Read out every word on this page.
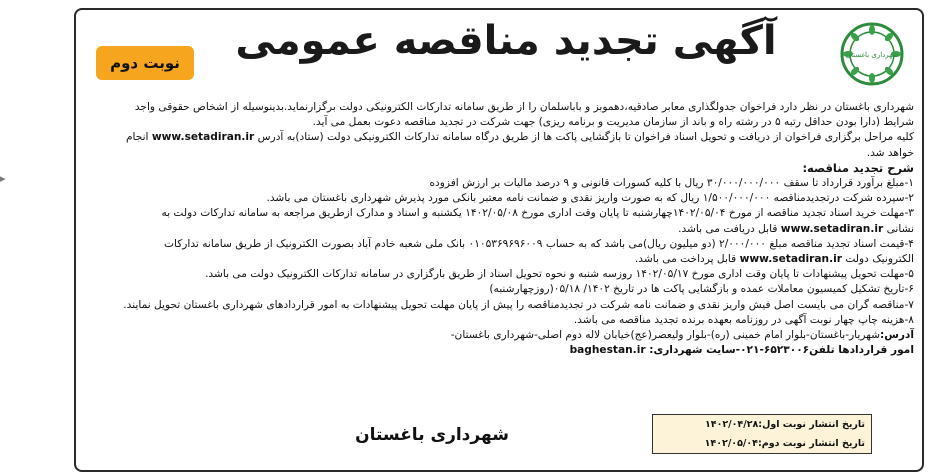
▸
نوبت دوم	آگهی تجدید مناقصه عمومی	شهرداری باغستان

شهرداری باغستان در نظر دارد فراخوان جدولگذاری معابر صادقیه،دهموبز و بابا‌سلمان را از طریق سامانه تدارکات الکترونیکی دولت برگزارنماید.بدینوسیله از اشخاص حقوقی واجد

شرایط (دارا بودن حداقل رتبه ۵ در رشته راه و باند از سازمان مدیریت و برنامه ریزی) جهت شرکت در تجدید مناقصه دعوت بعمل می آید.

کلیه مراحل برگزاری فراخوان از دریافت و تحویل اسناد فراخوان تا بازگشایی پاکت ها از طریق درگاه سامانه تدارکات الکترونیکی دولت (ستاد)به آدرس www.setadiran.ir انجام

خواهد شد.

شرح تجدید مناقصه:

۱-مبلغ برآورد قرارداد تا سقف ۳۰/۰۰۰/۰۰۰/۰۰۰ ریال با کلیه کسورات قانونی و ۹ درصد مالیات بر ارزش افزوده

۲-سپرده شرکت درتجدیدمناقصه ۱/۵۰۰/۰۰۰/۰۰۰ ریال که به صورت واریز نقدی و ضمانت نامه معتبر بانکی مورد پذیرش شهرداری باغستان می باشد.

۳-مهلت خرید اسناد تجدید مناقصه از مورخ ۱۴۰۲/۰۵/۰۴چهارشنبه تا پایان وقت اداری مورخ ۱۴۰۲/۰۵/۰۸ یکشنبه و اسناد و مدارک ازطریق مراجعه به سامانه تدارکات دولت به

نشانی www.setadiran.ir قابل دریافت می باشد.

۴-قیمت اسناد تجدید مناقصه مبلغ ۲/۰۰۰/۰۰۰ (دو میلیون ریال)می باشد که به حساب ۰۱۰۵۳۶۹۶۹۶۰۰۹ بانک ملی شعبه خادم آباد بصورت الکترونیک از طریق سامانه تدارکات

الکترونیک دولت www.setadiran.ir قابل پرداخت می باشد.

۵-مهلت تحویل پیشنهادات تا پایان وقت اداری مورخ ۱۴۰۲/۰۵/۱۷ روزسه شنبه و نحوه تحویل اسناد از طریق بارگزاری در سامانه تدارکات الکترونیک دولت می باشد.

۶-تاریخ تشکیل کمیسیون معاملات عمده و بازگشایی پاکت ها در تاریخ ۱۴۰۲/ ۰۵/۱۸(روزچهارشنبه)

۷-مناقصه گران می بایست اصل فیش واریز نقدی و ضمانت نامه شرکت در تجدیدمناقصه را پیش از پایان مهلت تحویل پیشنهادات به امور قراردادهای شهرداری باغستان تحویل نمایند.

۸-هزینه چاپ چهار نوبت آگهی در روزنامه بعهده برنده تجدید مناقصه می باشد.

آدرس:شهریار-باغستان-بلوار امام خمینی (ره)-بلوار ولیعصر(عج)خیابان لاله دوم اصلی-شهرداری باغستان-

امور قراردادها تلفن۶۵۲۳۰۰۶-۰۲۱-سایت شهرداری: baghestan.ir

تاریخ انتشار نوبت اول:۱۴۰۲/۰۴/۲۸
تاریخ انتشار نوبت دوم:۱۴۰۲/۰۵/۰۴
شهرداری باغستان
